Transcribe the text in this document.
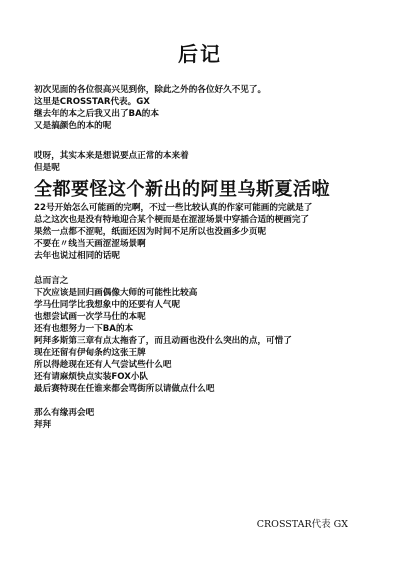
后记
初次见面的各位很高兴见到你，除此之外的各位好久不见了。
这里是CROSSTAR代表。GX
继去年的本之后我又出了BA的本
又是搞颜色的本的呢
哎呀，其实本来是想说要点正常的本来着
但是呢
全都要怪这个新出的阿里乌斯夏活啦
22号开始怎么可能画的完啊，不过一些比较认真的作家可能画的完就是了
总之这次也是没有特地迎合某个梗而是在涩涩场景中穿插合适的梗画完了
果然一点都不涩呢，纸面还因为时间不足所以也没画多少页呢
不要在〃线当天画涩涩场景啊
去年也说过相同的话呢
总而言之
下次应该是回归画偶像大师的可能性比较高
学马仕同学比我想象中的还要有人气呢
也想尝试画一次学马仕的本呢
还有也想努力一下BA的本
阿拜多斯第三章有点太拖沓了，而且动画也没什么突出的点，可惜了
现在还留有伊甸条约这张王牌
所以得趁现在还有人气尝试些什么吧
还有请麻烦快点实装FOX小队
最后赛特现在任谁来都会骂街所以请做点什么吧
那么有缘再会吧
拜拜
CROSSTAR代表 GX
